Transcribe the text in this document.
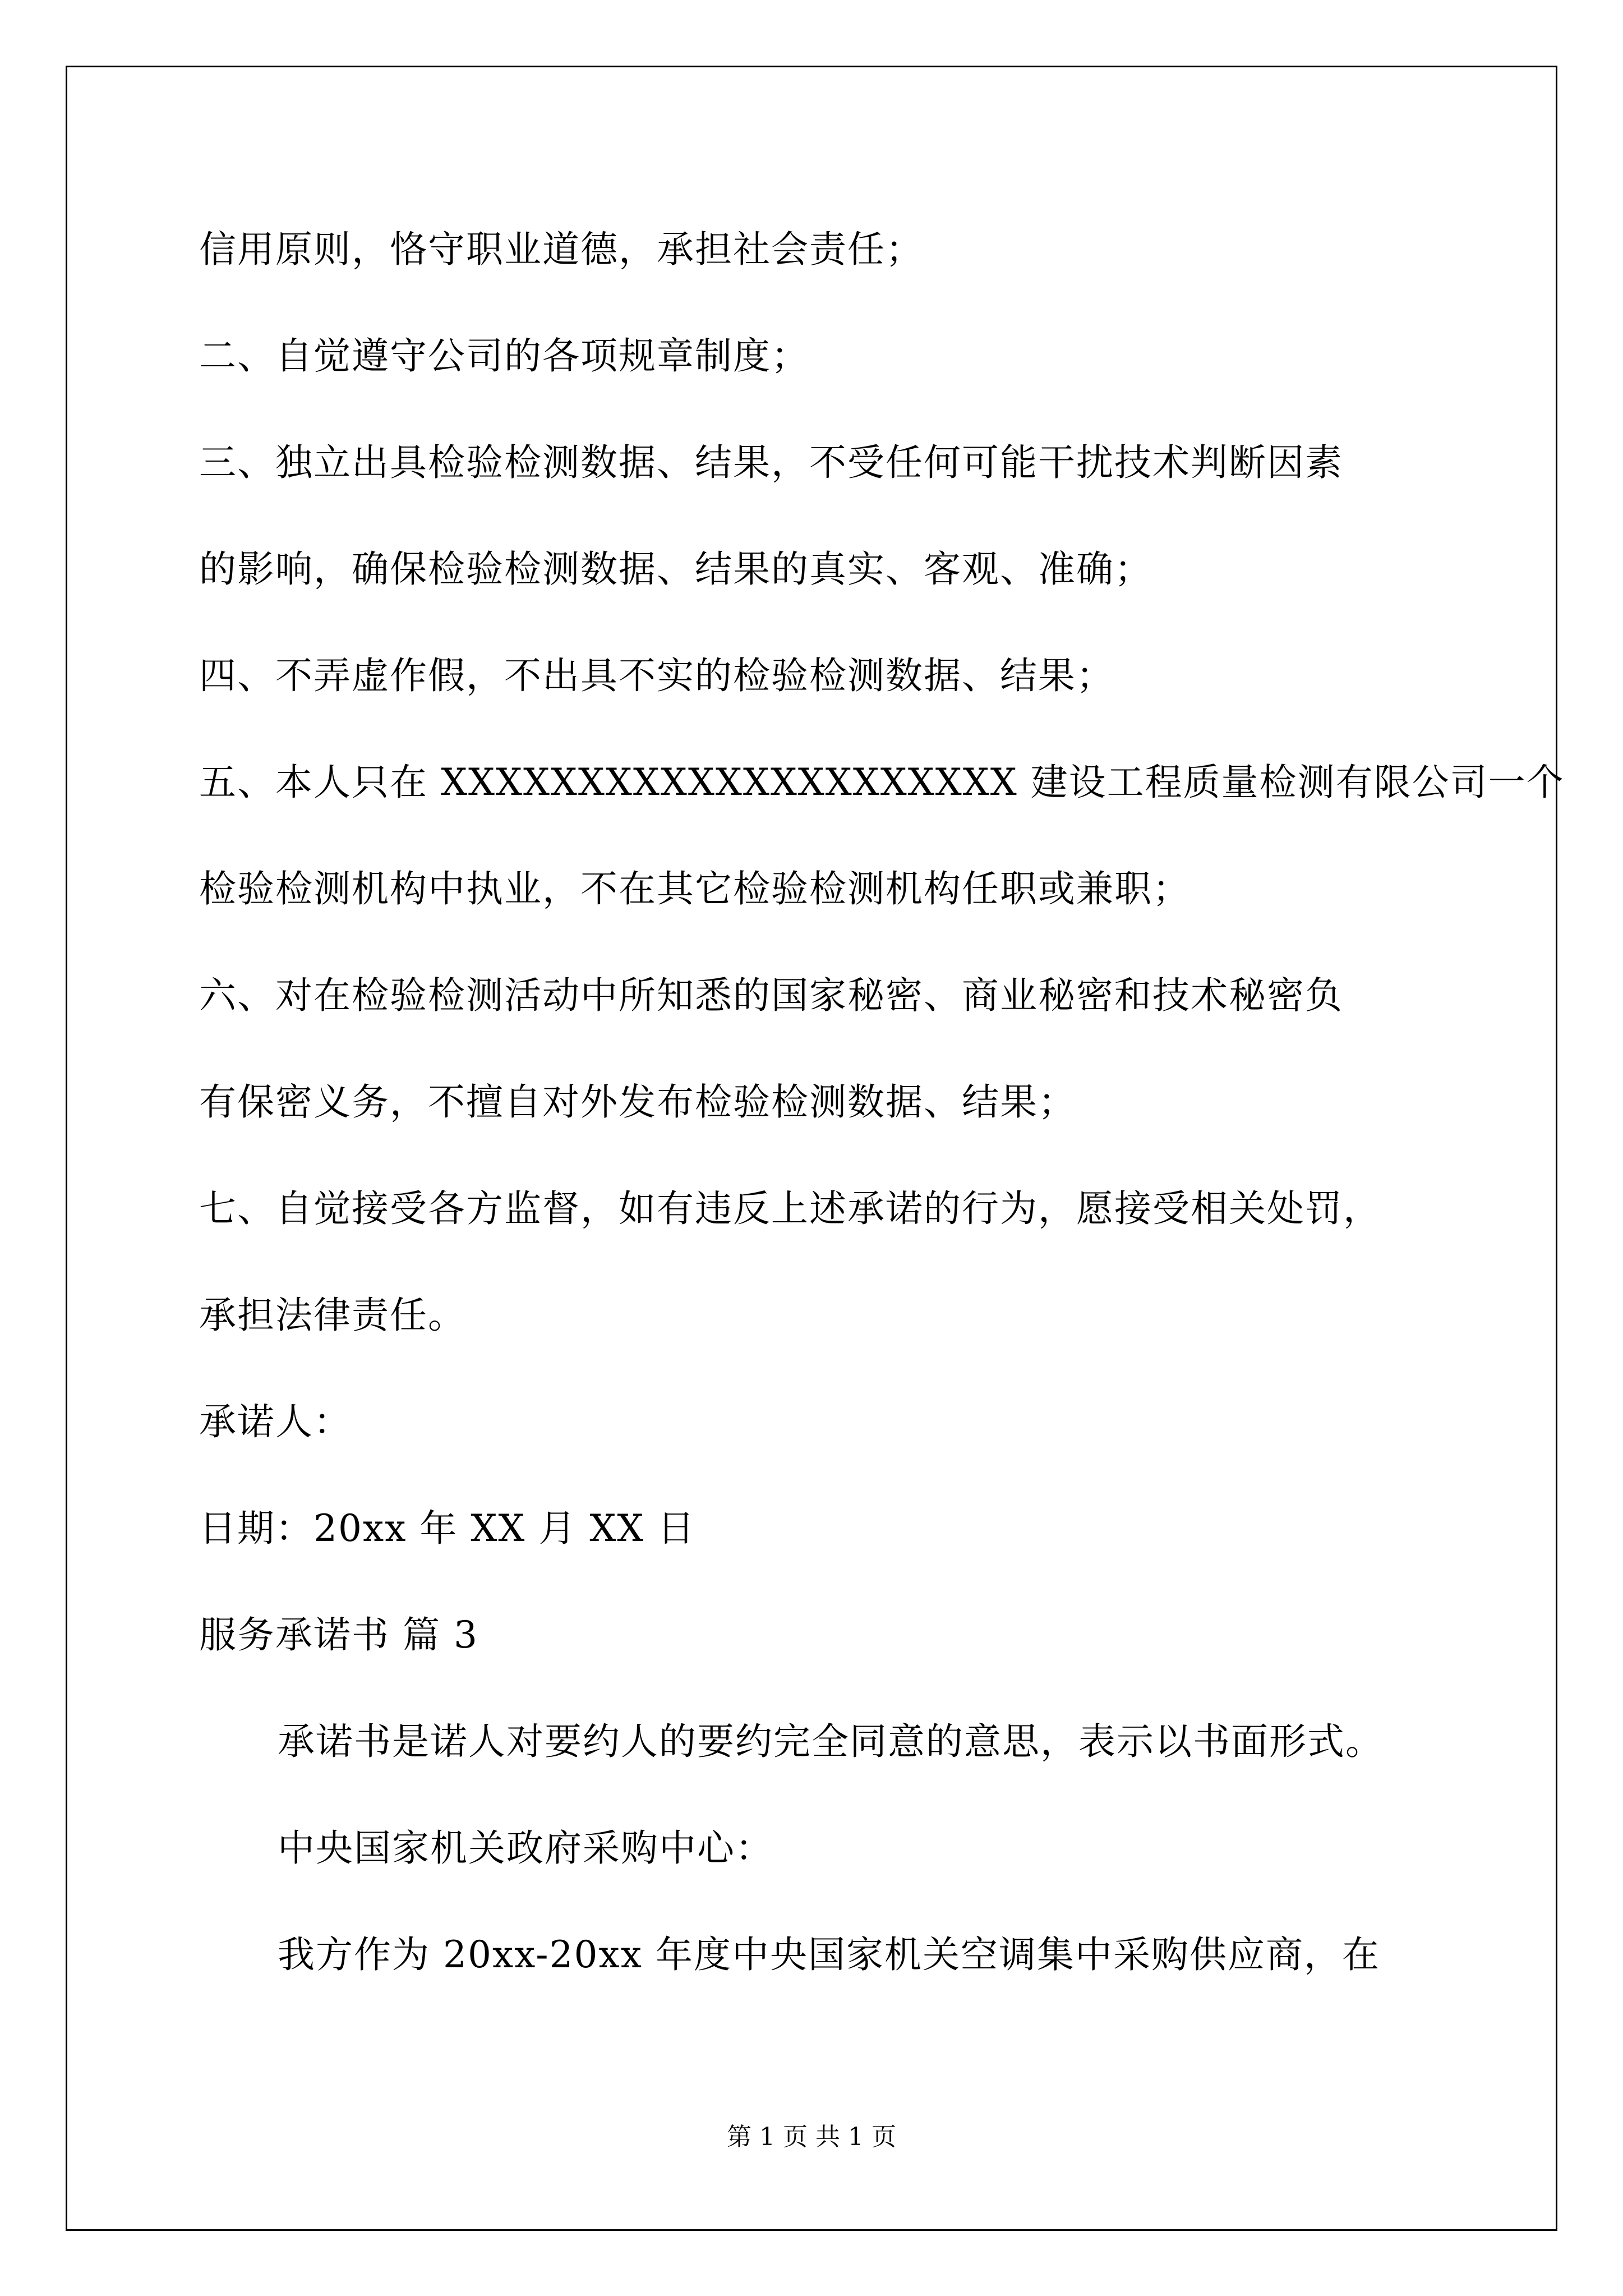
信用原则，恪守职业道德，承担社会责任；
二、自觉遵守公司的各项规章制度；
三、独立出具检验检测数据、结果，不受任何可能干扰技术判断因素
的影响，确保检验检测数据、结果的真实、客观、准确；
四、不弄虚作假，不出具不实的检验检测数据、结果；
五、本人只在 XXXXXXXXXXXXXXXXXXXXX 建设工程质量检测有限公司一个
检验检测机构中执业，不在其它检验检测机构任职或兼职；
六、对在检验检测活动中所知悉的国家秘密、商业秘密和技术秘密负
有保密义务，不擅自对外发布检验检测数据、结果；
七、自觉接受各方监督，如有违反上述承诺的行为，愿接受相关处罚，
承担法律责任。
承诺人：
日期：20xx 年 XX 月 XX 日
服务承诺书 篇 3
承诺书是诺人对要约人的要约完全同意的意思，表示以书面形式。
中央国家机关政府采购中心：
我方作为 20xx-20xx 年度中央国家机关空调集中采购供应商，在
第 1 页 共 1 页
